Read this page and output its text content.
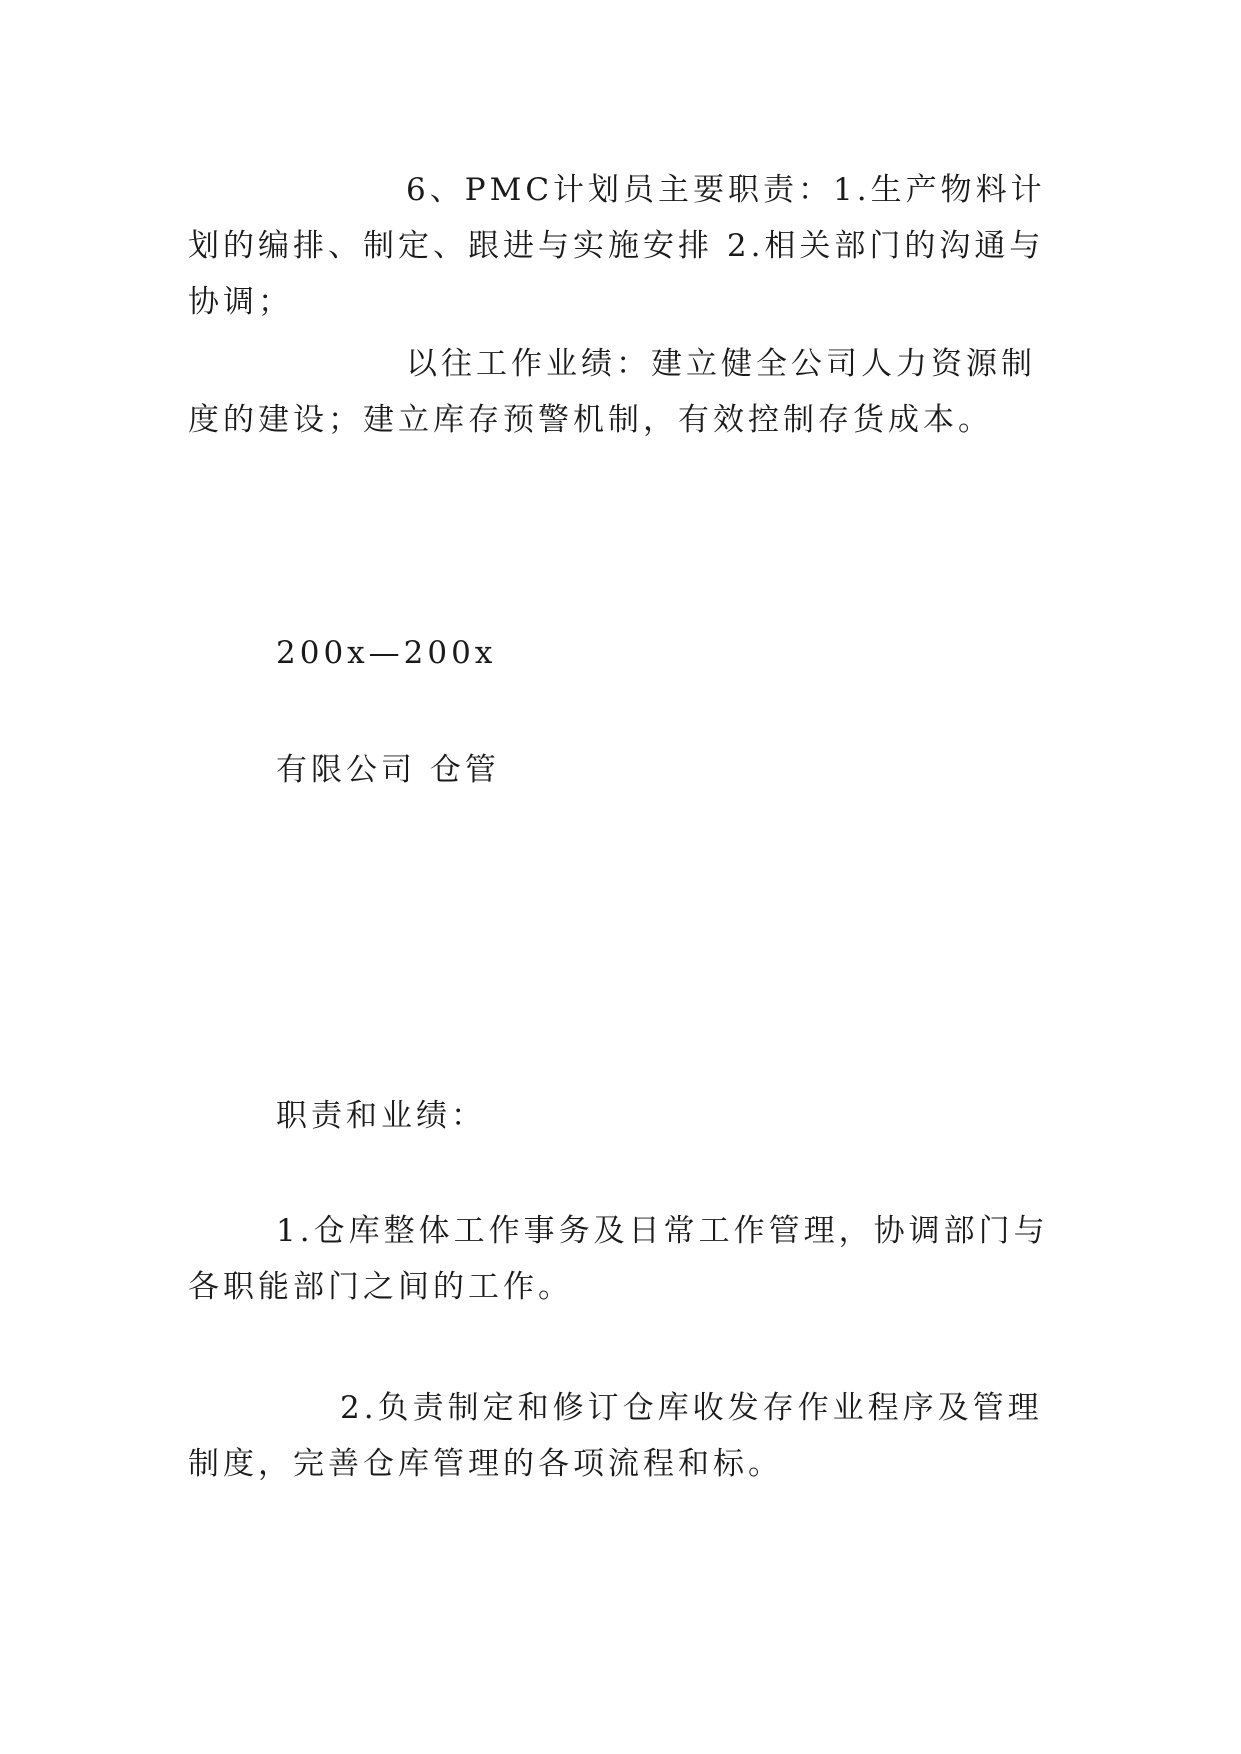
6、PMC计划员主要职责：1.生产物料计划的编排、制定、跟进与实施安排 2.相关部门的沟通与协调；

以往工作业绩：建立健全公司人力资源制度的建设；建立库存预警机制，有效控制存货成本。

200x—200x

有限公司 仓管

职责和业绩：

1.仓库整体工作事务及日常工作管理，协调部门与各职能部门之间的工作。

2.负责制定和修订仓库收发存作业程序及管理制度，完善仓库管理的各项流程和标。
